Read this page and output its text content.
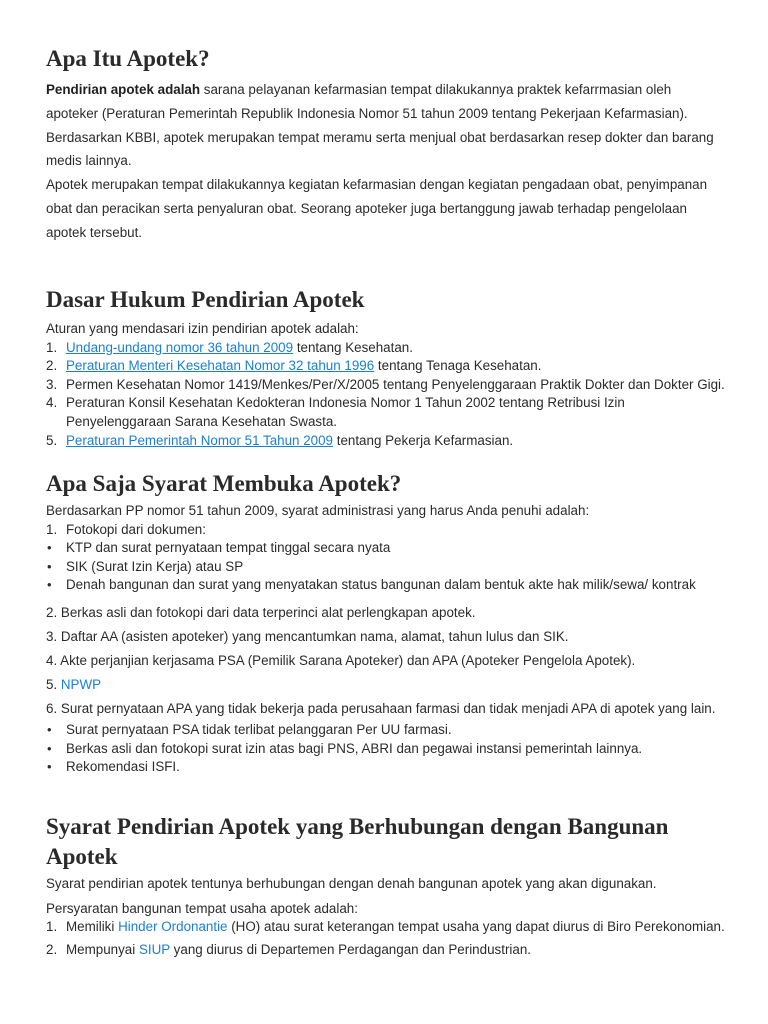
Apa Itu Apotek?

Pendirian apotek adalah sarana pelayanan kefarmasian tempat dilakukannya praktek kefarrmasian oleh apoteker (Peraturan Pemerintah Republik Indonesia Nomor 51 tahun 2009 tentang Pekerjaan Kefarmasian). Berdasarkan KBBI, apotek merupakan tempat meramu serta menjual obat berdasarkan resep dokter dan barang medis lainnya.

Apotek merupakan tempat dilakukannya kegiatan kefarmasian dengan kegiatan pengadaan obat, penyimpanan obat dan peracikan serta penyaluran obat. Seorang apoteker juga bertanggung jawab terhadap pengelolaan apotek tersebut.

Dasar Hukum Pendirian Apotek

Aturan yang mendasari izin pendirian apotek adalah:

1. Undang-undang nomor 36 tahun 2009 tentang Kesehatan.
2. Peraturan Menteri Kesehatan Nomor 32 tahun 1996 tentang Tenaga Kesehatan.
3. Permen Kesehatan Nomor 1419/Menkes/Per/X/2005 tentang Penyelenggaraan Praktik Dokter dan Dokter Gigi.
4. Peraturan Konsil Kesehatan Kedokteran Indonesia Nomor 1 Tahun 2002 tentang Retribusi Izin Penyelenggaraan Sarana Kesehatan Swasta.
5. Peraturan Pemerintah Nomor 51 Tahun 2009 tentang Pekerja Kefarmasian.
Apa Saja Syarat Membuka Apotek?

Berdasarkan PP nomor 51 tahun 2009, syarat administrasi yang harus Anda penuhi adalah:

1. Fotokopi dari dokumen:
• KTP dan surat pernyataan tempat tinggal secara nyata
• SIK (Surat Izin Kerja) atau SP
• Denah bangunan dan surat yang menyatakan status bangunan dalam bentuk akte hak milik/sewa/ kontrak

2. Berkas asli dan fotokopi dari data terperinci alat perlengkapan apotek.

3. Daftar AA (asisten apoteker) yang mencantumkan nama, alamat, tahun lulus dan SIK.

4. Akte perjanjian kerjasama PSA (Pemilik Sarana Apoteker) dan APA (Apoteker Pengelola Apotek).

5. NPWP

6. Surat pernyataan APA yang tidak bekerja pada perusahaan farmasi dan tidak menjadi APA di apotek yang lain.

• Surat pernyataan PSA tidak terlibat pelanggaran Per UU farmasi.
• Berkas asli dan fotokopi surat izin atas bagi PNS, ABRI dan pegawai instansi pemerintah lainnya.
• Rekomendasi ISFI.
Syarat Pendirian Apotek yang Berhubungan dengan Bangunan Apotek

Syarat pendirian apotek tentunya berhubungan dengan denah bangunan apotek yang akan digunakan.

Persyaratan bangunan tempat usaha apotek adalah:

1. Memiliki Hinder Ordonantie (HO) atau surat keterangan tempat usaha yang dapat diurus di Biro Perekonomian.
2. Mempunyai SIUP yang diurus di Departemen Perdagangan dan Perindustrian.
